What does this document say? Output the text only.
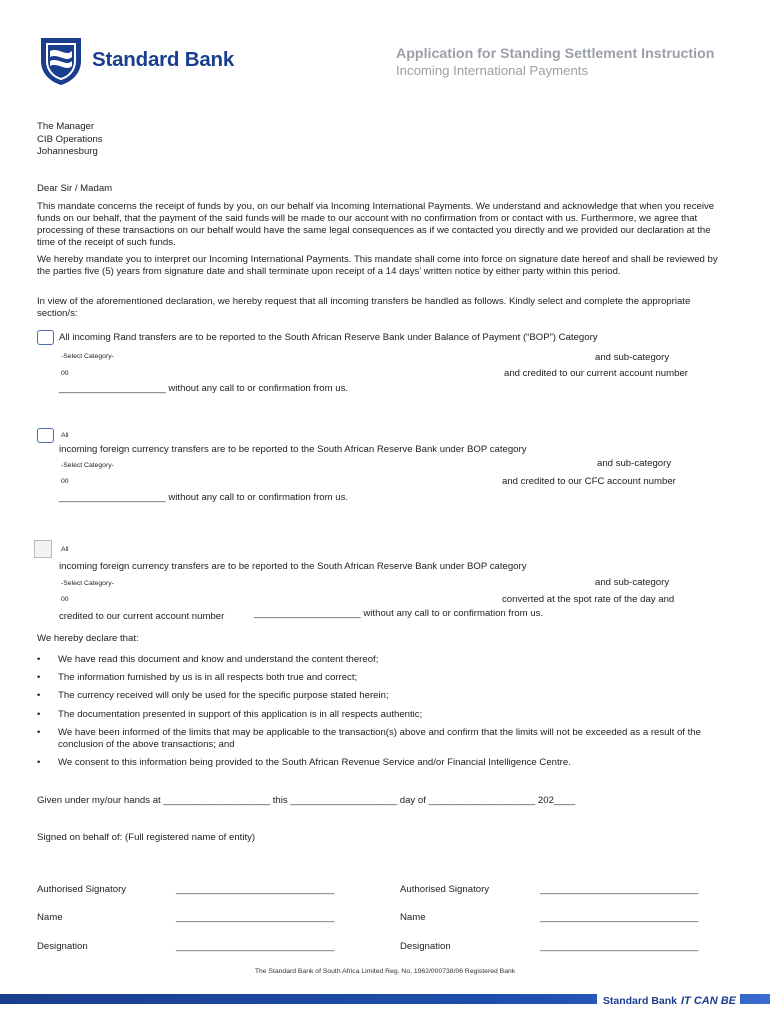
Standard Bank	Application for Standing Settlement Instruction
Incoming International Payments
The Manager
CIB Operations
Johannesburg
Dear Sir / Madam
This mandate concerns the receipt of funds by you, on our behalf via Incoming International Payments. We understand and acknowledge that when you receive funds on our behalf, that the payment of the said funds will be made to our account with no confirmation from or contact with us. Furthermore, we agree that processing of these transactions on our behalf would have the same legal consequences as if we contacted you directly and we provided our declaration at the time of the receipt of such funds.
We hereby mandate you to interpret our Incoming International Payments. This mandate shall come into force on signature date hereof and shall be reviewed by the parties five (5) years from signature date and shall terminate upon receipt of a 14 days’ written notice by either party within this period.
In view of the aforementioned declaration, we hereby request that all incoming transfers be handled as follows. Kindly select and complete the appropriate section/s:
All incoming Rand transfers are to be reported to the South African Reserve Bank under Balance of Payment (“BOP”) Category
-Select Category-	and sub-category
00	and credited to our current account number
____________________ without any call to or confirmation from us.
All
incoming foreign currency transfers are to be reported to the South African Reserve Bank under BOP category
-Select Category-	and sub-category
00	and credited to our CFC account number
____________________ without any call to or confirmation from us.
All
incoming foreign currency transfers are to be reported to the South African Reserve Bank under BOP category
-Select Category-	and sub-category
00	converted at the spot rate of the day and
credited to our current account number	____________________ without any call to or confirmation from us.
We hereby declare that:
• We have read this document and know and understand the content thereof;
• The information furnished by us is in all respects both true and correct;
• The currency received will only be used for the specific purpose stated herein;
• The documentation presented in support of this application is in all respects authentic;
• We have been informed of the limits that may be applicable to the transaction(s) above and confirm that the limits will not be exceeded as a result of the conclusion of the above transactions; and
• We consent to this information being provided to the South African Revenue Service and/or Financial Intelligence Centre.
Given under my/our hands at ____________________ this ____________________ day of ____________________ 202____
Signed on behalf of: (Full registered name of entity)
Authorised Signatory	________________________________	Authorised Signatory	________________________________
Name	________________________________	Name	________________________________
Designation	________________________________	Designation	________________________________
The Standard Bank of South Africa Limited Reg. No. 1962/000738/06 Registered Bank
Standard Bank IT CAN BE
